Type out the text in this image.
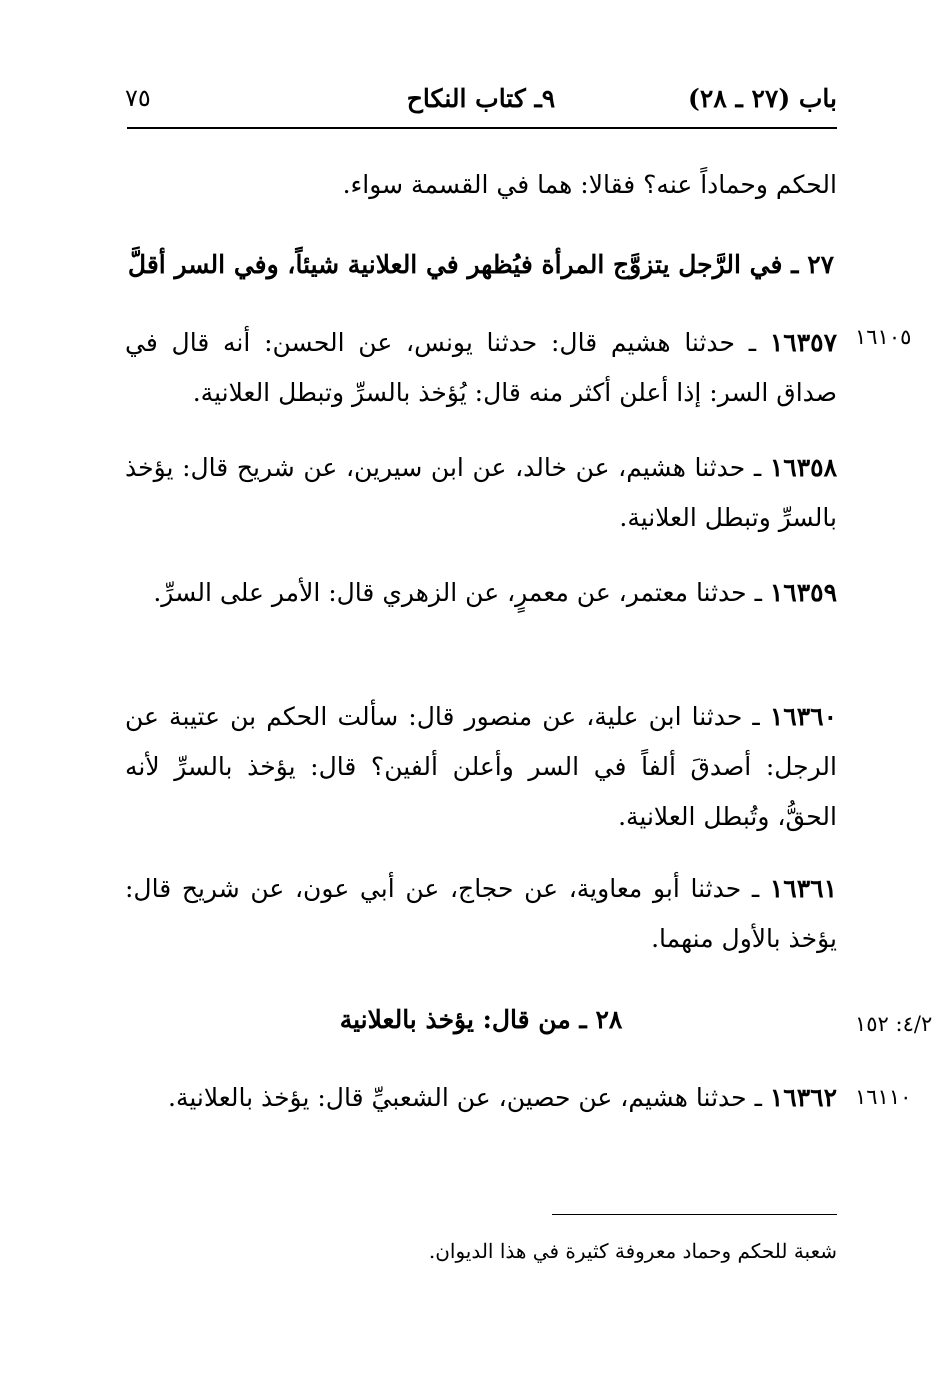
باب (٢٧ ـ ٢٨)
٩ـ كتاب النكاح
٧٥
الحكم وحماداً عنه؟ فقالا: هما في القسمة سواء.
٢٧ ـ في الرَّجل يتزوَّج المرأة فيُظهر في العلانية شيئاً، وفي السر أقلَّ
١٦١٠٥
١٦٣٥٧ ـ حدثنا هشيم قال: حدثنا يونس، عن الحسن: أنه قال في صداق السر: إذا أعلن أكثر منه قال: يُؤخذ بالسرِّ وتبطل العلانية.
١٦٣٥٨ ـ حدثنا هشيم، عن خالد، عن ابن سيرين، عن شريح قال: يؤخذ بالسرِّ وتبطل العلانية.
١٦٣٥٩ ـ حدثنا معتمر، عن معمرٍ، عن الزهري قال: الأمر على السرِّ.
١٦٣٦٠ ـ حدثنا ابن علية، عن منصور قال: سألت الحكم بن عتيبة عن الرجل: أصدقَ ألفاً في السر وأعلن ألفين؟ قال: يؤخذ بالسرِّ لأنه الحقُّ، وتُبطل العلانية.
١٦٣٦١ ـ حدثنا أبو معاوية، عن حجاج، عن أبي عون، عن شريح قال: يؤخذ بالأول منهما.
٤/٢: ١٥٢
٢٨ ـ من قال: يؤخذ بالعلانية
١٦١١٠
١٦٣٦٢ ـ حدثنا هشيم، عن حصين، عن الشعبيِّ قال: يؤخذ بالعلانية.
شعبة للحكم وحماد معروفة كثيرة في هذا الديوان.
